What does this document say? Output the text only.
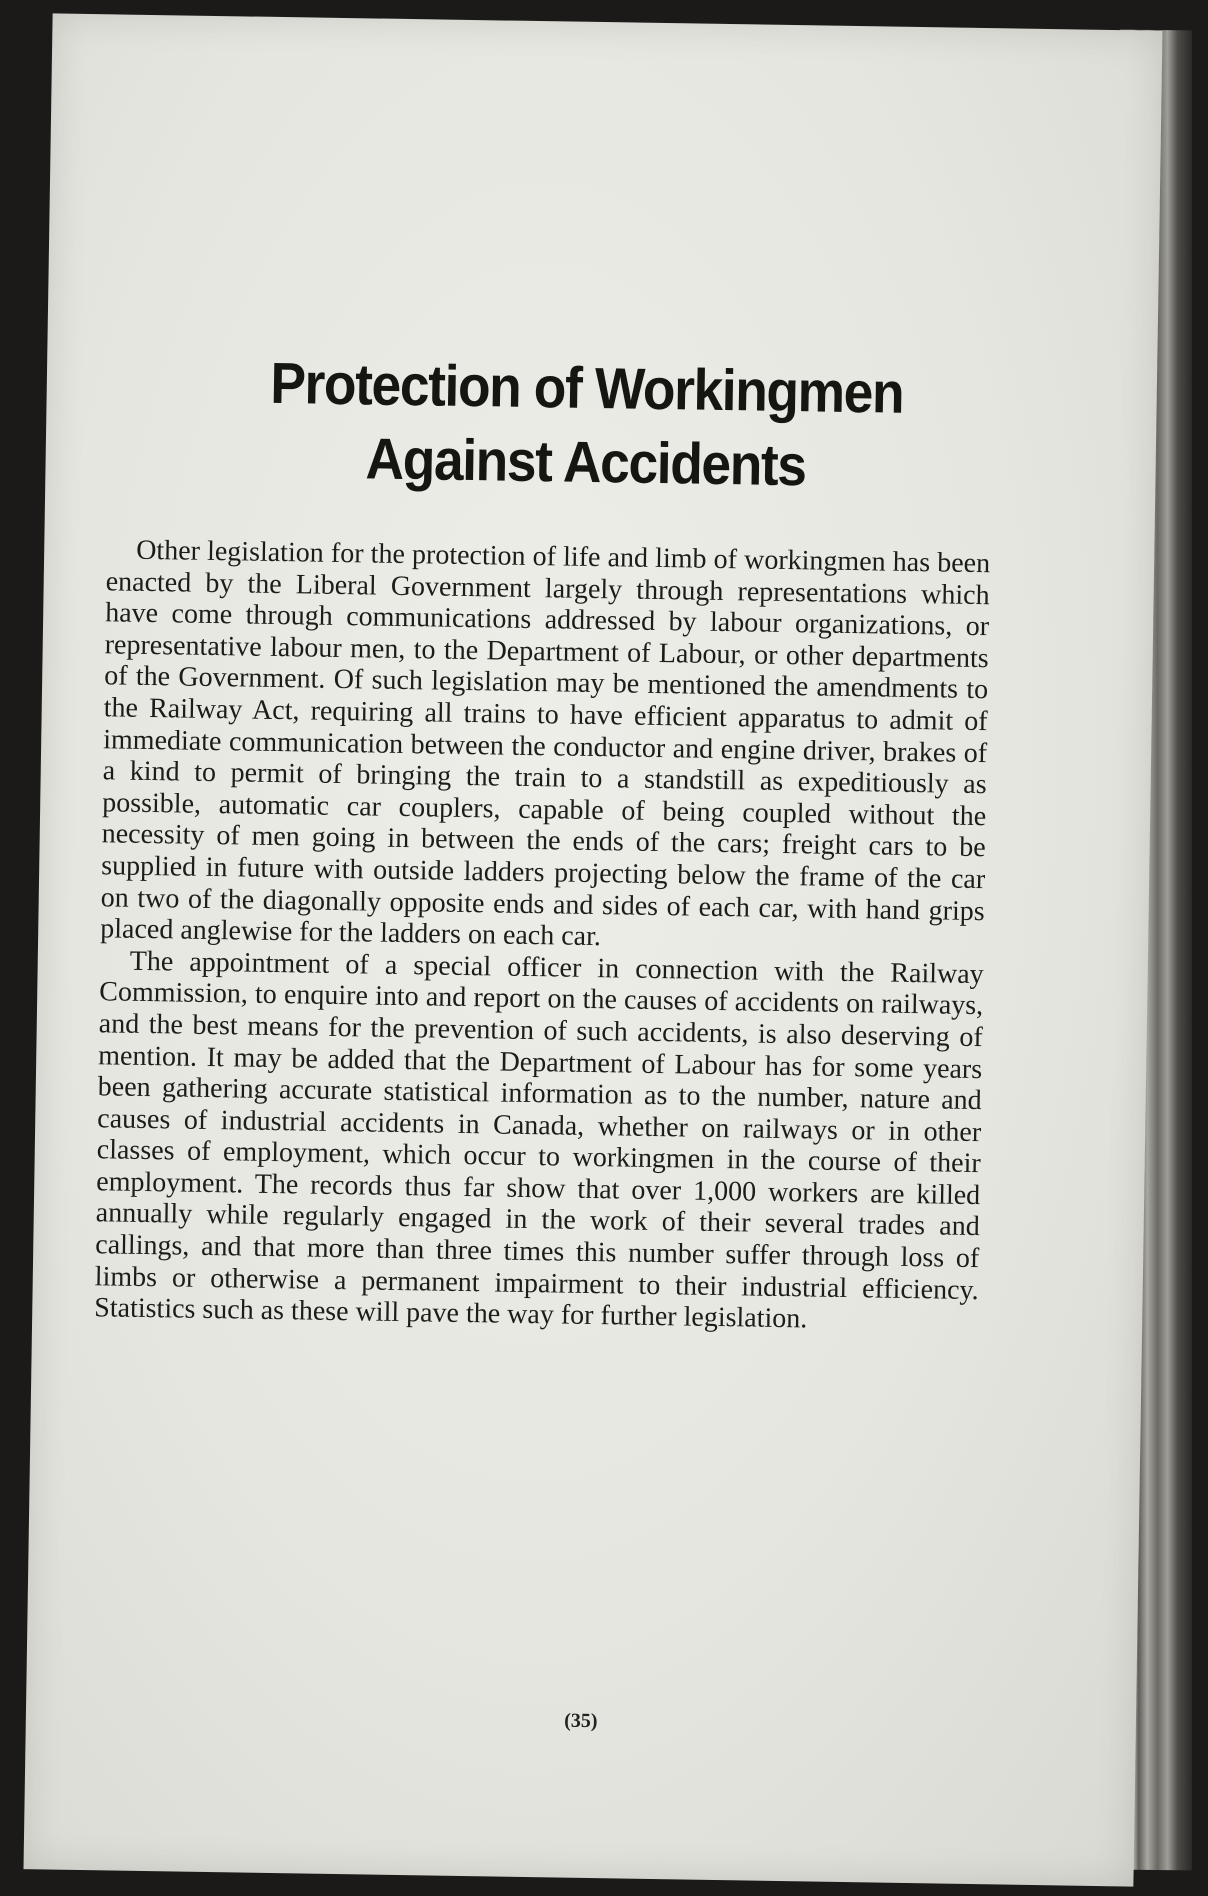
Protection of Workingmen Against Accidents

Other legislation for the protection of life and limb of workingmen has been enacted by the Liberal Government largely through representations which have come through communications addressed by labour organizations, or representative labour men, to the Department of Labour, or other departments of the Government. Of such legislation may be mentioned the amendments to the Railway Act, requiring all trains to have efficient apparatus to admit of immediate communication between the conductor and engine driver, brakes of a kind to permit of bringing the train to a standstill as expeditiously as possible, automatic car couplers, capable of being coupled without the necessity of men going in between the ends of the cars; freight cars to be supplied in future with outside ladders projecting below the frame of the car on two of the diagonally opposite ends and sides of each car, with hand grips placed anglewise for the ladders on each car.

The appointment of a special officer in connection with the Railway Commission, to enquire into and report on the causes of accidents on railways, and the best means for the prevention of such accidents, is also deserving of mention. It may be added that the Department of Labour has for some years been gathering accurate statistical information as to the number, nature and causes of industrial accidents in Canada, whether on railways or in other classes of employment, which occur to workingmen in the course of their employment. The records thus far show that over 1,000 workers are killed annually while regularly engaged in the work of their several trades and callings, and that more than three times this number suffer through loss of limbs or otherwise a permanent impairment to their industrial efficiency. Statistics such as these will pave the way for further legislation.

(35)
